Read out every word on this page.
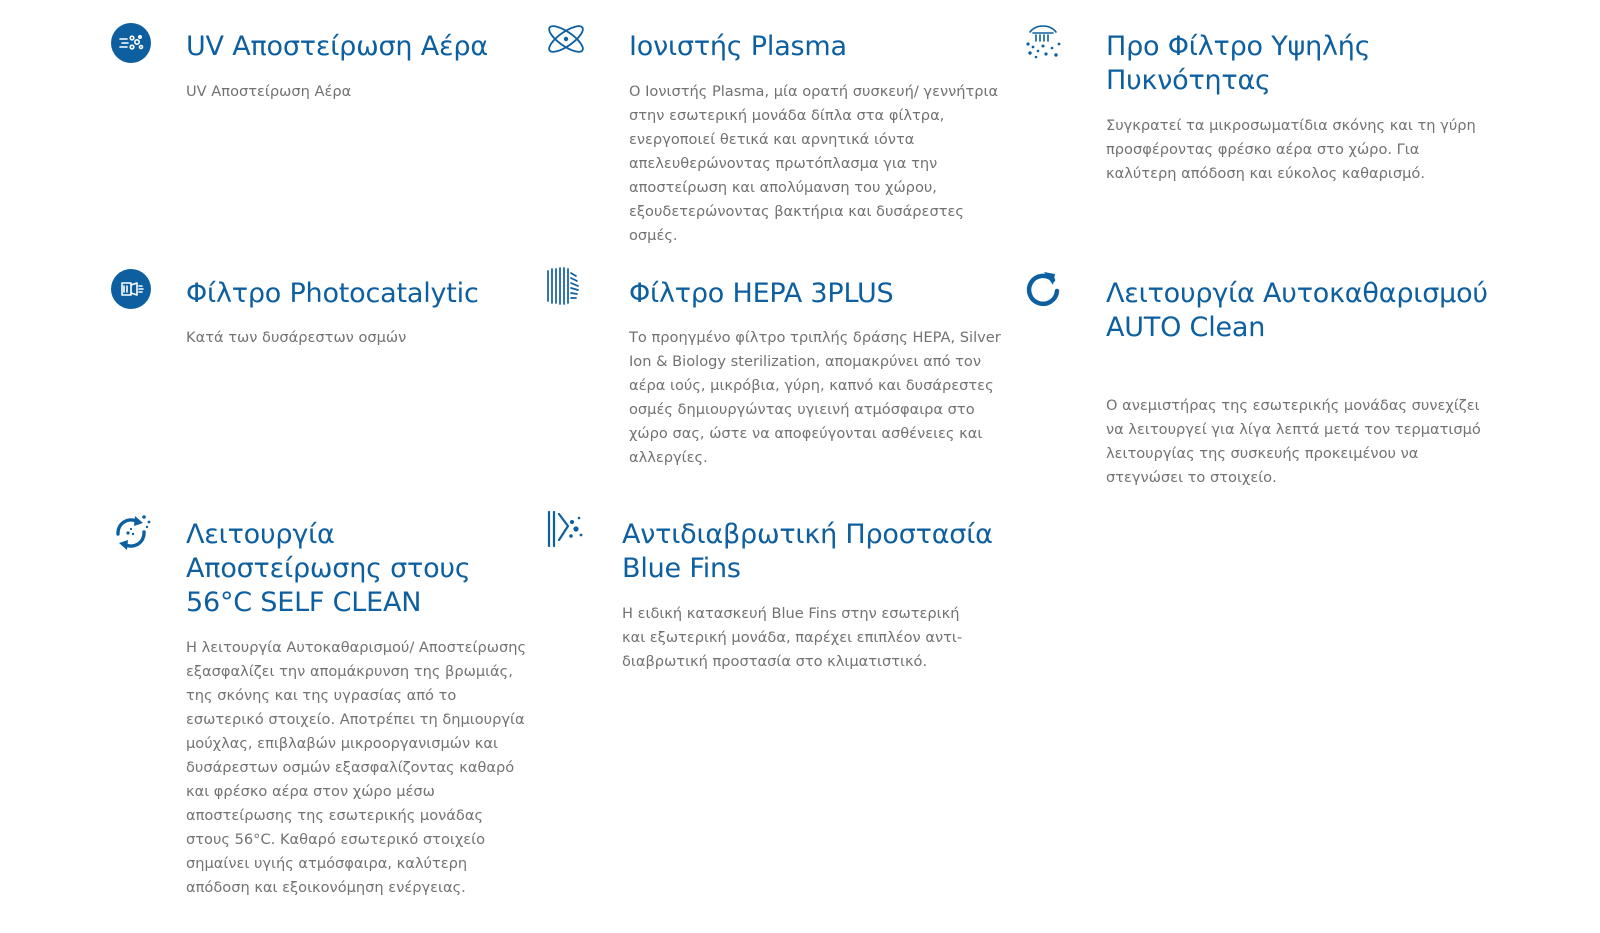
UV Αποστείρωση Αέρα

UV Αποστείρωση Αέρα

Ιονιστής Plasma

Ο Ιονιστής Plasma, μία ορατή συσκευή/ γεννήτρια στην εσωτερική μονάδα δίπλα στα φίλτρα, ενεργοποιεί θετικά και αρνητικά ιόντα απελευθερώνοντας πρωτόπλασμα για την αποστείρωση και απολύμανση του χώρου, εξουδετερώνοντας βακτήρια και δυσάρεστες οσμές.

Προ Φίλτρο Υψηλής Πυκνότητας

Συγκρατεί τα μικροσωματίδια σκόνης και τη γύρη προσφέροντας φρέσκο αέρα στο χώρο. Για καλύτερη απόδοση και εύκολος καθαρισμό.

Φίλτρο Photocatalytic

Κατά των δυσάρεστων οσμών

Φίλτρο HEPA 3PLUS

Το προηγμένο φίλτρο τριπλής δράσης HEPA, Silver Ion & Biology sterilization, απομακρύνει από τον αέρα ιούς, μικρόβια, γύρη, καπνό και δυσάρεστες οσμές δημιουργώντας υγιεινή ατμόσφαιρα στο χώρο σας, ώστε να αποφεύγονται ασθένειες και αλλεργίες.

Λειτουργία Αυτοκαθαρισμού AUTO Clean

Ο ανεμιστήρας της εσωτερικής μονάδας συνεχίζει να λειτουργεί για λίγα λεπτά μετά τον τερματισμό λειτουργίας της συσκευής προκειμένου να στεγνώσει το στοιχείο.

Λειτουργία Αποστείρωσης στους 56°C SELF CLEAN

Η λειτουργία Αυτοκαθαρισμού/ Αποστείρωσης εξασφαλίζει την απομάκρυνση της βρωμιάς, της σκόνης και της υγρασίας από το εσωτερικό στοιχείο. Αποτρέπει τη δημιουργία μούχλας, επιβλαβών μικροοργανισμών και δυσάρεστων οσμών εξασφαλίζοντας καθαρό και φρέσκο αέρα στον χώρο μέσω αποστείρωσης της εσωτερικής μονάδας στους 56°C. Καθαρό εσωτερικό στοιχείο σημαίνει υγιής ατμόσφαιρα, καλύτερη απόδοση και εξοικονόμηση ενέργειας.

Αντιδιαβρωτική Προστασία Blue Fins

Η ειδική κατασκευή Blue Fins στην εσωτερική και εξωτερική μονάδα, παρέχει επιπλέον αντι-διαβρωτική προστασία στο κλιματιστικό.
